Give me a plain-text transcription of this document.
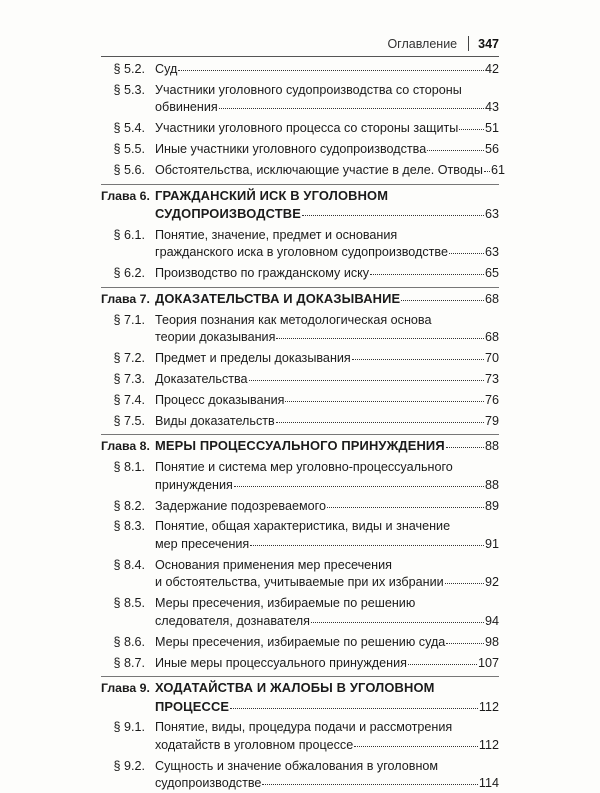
Оглавление 347
§ 5.2. Суд	42
§ 5.3. Участники уголовного судопроизводства со стороны
обвинения	43
§ 5.4. Участники уголовного процесса со стороны защиты 51
§ 5.5. Иные участники уголовного судопроизводства	56
§ 5.6. Обстоятельства, исключающие участие в деле. Отводы 61
Глава 6. ГРАЖДАНСКИЙ ИСК В УГОЛОВНОМ
СУДОПРОИЗВОДСТВЕ	63
§ 6.1. Понятие, значение, предмет и основания
гражданского иска в уголовном судопроизводстве	63
§ 6.2. Производство по гражданскому иску	65
Глава 7. ДОКАЗАТЕЛЬСТВА И ДОКАЗЫВАНИЕ	68
§ 7.1. Теория познания как методологическая основа
теории доказывания	68
§ 7.2. Предмет и пределы доказывания	70
§ 7.3. Доказательства	73
§ 7.4. Процесс доказывания	76
§ 7.5. Виды доказательств	79
Глава 8. МЕРЫ ПРОЦЕССУАЛЬНОГО ПРИНУЖДЕНИЯ	88
§ 8.1. Понятие и система мер уголовно-процессуального
принуждения	88
§ 8.2. Задержание подозреваемого	89
§ 8.3. Понятие, общая характеристика, виды и значение
мер пресечения	91
§ 8.4. Основания применения мер пресечения
и обстоятельства, учитываемые при их избрании	92
§ 8.5. Меры пресечения, избираемые по решению
следователя, дознавателя	94
§ 8.6. Меры пресечения, избираемые по решению суда	98
§ 8.7. Иные меры процессуального принуждения	107
Глава 9. ХОДАТАЙСТВА И ЖАЛОБЫ В УГОЛОВНОМ
ПРОЦЕССЕ	112
§ 9.1. Понятие, виды, процедура подачи и рассмотрения
ходатайств в уголовном процессе	112
§ 9.2. Сущность и значение обжалования в уголовном
судопроизводстве	114
